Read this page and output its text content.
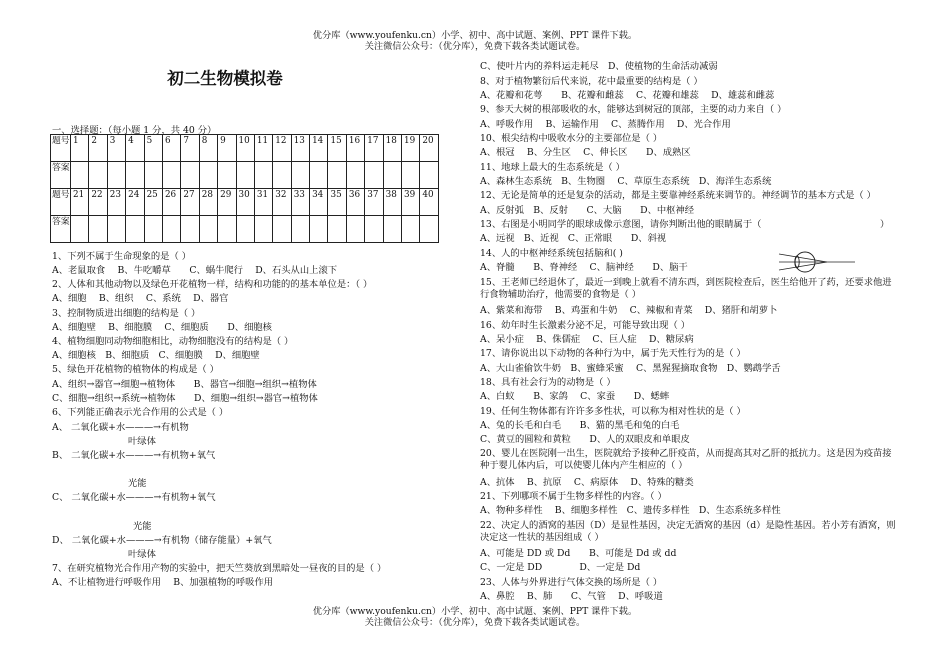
优分库（www.youfenku.cn）小学、初中、高中试题、案例、PPT 课件下载。
关注微信公众号：（优分库），免费下载各类试题试卷。
初二生物模拟卷
一、选择题：（每小题 1 分，共 40 分）
题号	1	2	3	4	5	6	7	8	9	10	11	12	13	14	15	16	17	18	19	20
答案																				
题号	21	22	23	24	25	26	27	28	29	30	31	32	33	34	35	36	37	38	39	40
答案																				
1、下列不属于生命现象的是（ ）
A、老鼠取食　 B、牛吃嚼草　　C、蜗牛爬行　 D、石头从山上滚下
2、人体和其他动物以及绿色开花植物一样，结构和功能的的基本单位是：（ ）
A、细胞　 B、组织　 C、系统　 D、器官
3、控制物质进出细胞的结构是（ ）
A、细胞壁　 B、细胞膜　 C、细胞质　　D、细胞核
4、植物细胞同动物细胞相比，动物细胞没有的结构是（ ）
A、细胞核　B、细胞质　C、细胞膜　 D、细胞壁
5、绿色开花植物的植物体的构成是（ ）
A、组织→器官→细胞→植物体　　B、器官→细胞→组织→植物体
C、细胞→组织→系统→植物体　　D、细胞→组织→器官→植物体
6、下列能正确表示光合作用的公式是（ ）
A、 二氧化碳+水———→有机物
叶绿体
B、 二氧化碳+水———→有机物+氧气
光能
C、 二氧化碳+水———→有机物+氧气
光能
D、 二氧化碳+水———→有机物（储存能量）+氧气
叶绿体
7、在研究植物光合作用产物的实验中，把天竺葵放到黑暗处一昼夜的目的是（ ）
A、不让植物进行呼吸作用　 B、加强植物的呼吸作用
C、使叶片内的养料运走耗尽　D、使植物的生命活动减弱
8、对于植物繁衍后代来说，花中最重要的结构是（ ）
A、花瓣和花萼　　B、花瓣和雌蕊　 C、花瓣和雄蕊　 D、雄蕊和雌蕊
9、参天大树的根部吸收的水，能够达到树冠的顶部，主要的动力来自（ ）
A、呼吸作用　 B、运输作用　 C、蒸腾作用　 D、光合作用
10、根尖结构中吸收水分的主要部位是（ ）
A、根冠　 B、分生区　 C、伸长区　　D、成熟区
11、地球上最大的生态系统是（ ）
A、森林生态系统　B、生物圈　 C、草原生态系统　D、海洋生态系统
12、无论是简单的还是复杂的活动，都是主要靠神经系统来调节的。神经调节的基本方式是（ ）
A、反射弧　B、反射　　C、大脑　　D、中枢神经
13、右图是小明同学的眼球成像示意图，请你判断出他的眼睛属于（	）
A、远视　B、近视　C、正常眼　　D、斜视
14、人的中枢神经系统包括脑和( )
A、脊髓　　B、脊神经　 C、脑神经　　D、脑干
15、王老师已经退休了，最近一到晚上就看不清东西，到医院检查后，医生给他开了药，还要求他进行食物辅助治疗，他需要的食物是（ ）
A、紫菜和海带　 B、鸡蛋和牛奶　 C、辣椒和青菜　 D、猪肝和胡萝卜
16、幼年时生长激素分泌不足，可能导致出现（ ）
A、呆小症　 B、侏儒症　 C、巨人症　 D、糖尿病
17、请你说出以下动物的各种行为中，属于先天性行为的是（ ）
A、大山雀偷饮牛奶　B、蜜蜂采蜜　 C、黑猩猩摘取食物　D、鹦鹉学舌
18、具有社会行为的动物是（ ）
A、白蚁　　B、家鸽　 C、家蚕　　D、蟋蟀
19、任何生物体都有许许多多性状，可以称为相对性状的是（ ）
A、兔的长毛和白毛　　B、猫的黑毛和兔的白毛
C、黄豆的圆粒和黄粒　　D、人的双眼皮和单眼皮
20、婴儿在医院刚一出生，医院就给予接种乙肝疫苗，从而提高其对乙肝的抵抗力。这是因为疫苗接种于婴儿体内后，可以使婴儿体内产生相应的（ ）
A、抗体　 B、抗原　 C、病原体　 D、特殊的糖类
21、下列哪项不属于生物多样性的内容。（ ）
A、物种多样性　 B、细胞多样性　C、遗传多样性　D、生态系统多样性
22、决定人的酒窝的基因（D）是显性基因，决定无酒窝的基因（d）是隐性基因。若小芳有酒窝，则决定这一性状的基因组成（ ）
A、可能是 DD 或 Dd　　B、可能是 Dd 或 dd
C、一定是 DD　　　　D、一定是 Dd
23、人体与外界进行气体交换的场所是（ ）
A、鼻腔　 B、肺　　C、气管　 D、呼吸道
优分库（www.youfenku.cn）小学、初中、高中试题、案例、PPT 课件下载。
关注微信公众号：（优分库），免费下载各类试题试卷。
